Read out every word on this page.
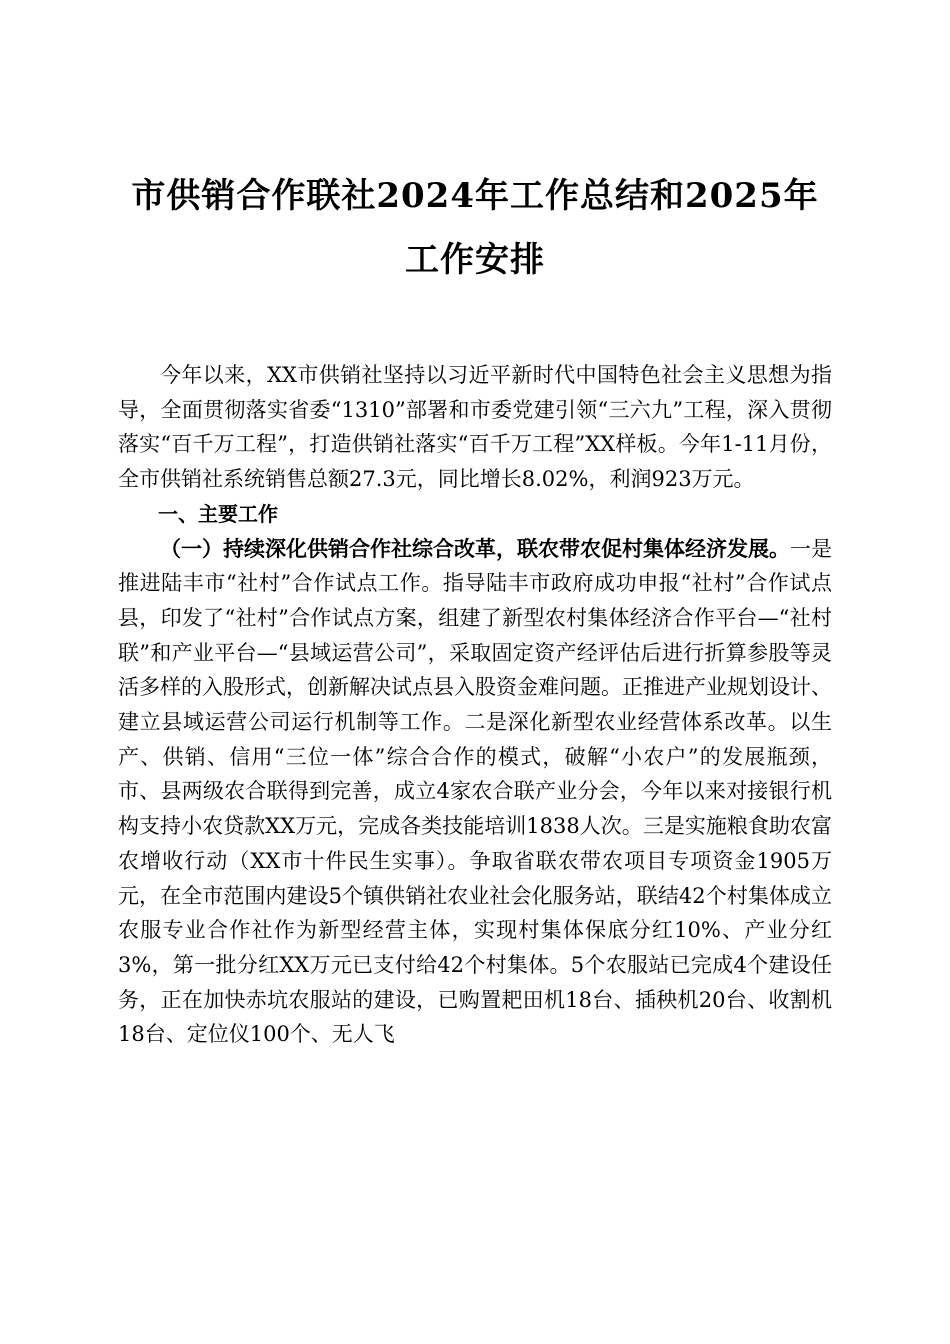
市供销合作联社2024年工作总结和2025年工作安排

今年以来，XX市供销社坚持以习近平新时代中国特色社会主义思想为指导，全面贯彻落实省委“1310”部署和市委党建引领“三六九”工程，深入贯彻落实“百千万工程”，打造供销社落实“百千万工程”XX样板。今年1-11月份，全市供销社系统销售总额27.3元，同比增长8.02%，利润923万元。

一、主要工作

（一）持续深化供销合作社综合改革，联农带农促村集体经济发展。一是推进陆丰市“社村”合作试点工作。指导陆丰市政府成功申报“社村”合作试点县，印发了“社村”合作试点方案，组建了新型农村集体经济合作平台—“社村联”和产业平台—“县域运营公司”，采取固定资产经评估后进行折算参股等灵活多样的入股形式，创新解决试点县入股资金难问题。正推进产业规划设计、建立县域运营公司运行机制等工作。二是深化新型农业经营体系改革。以生产、供销、信用“三位一体”综合合作的模式，破解“小农户”的发展瓶颈，市、县两级农合联得到完善，成立4家农合联产业分会，今年以来对接银行机构支持小农贷款XX万元，完成各类技能培训1838人次。三是实施粮食助农富农增收行动（XX市十件民生实事）。争取省联农带农项目专项资金1905万元，在全市范围内建设5个镇供销社农业社会化服务站，联结42个村集体成立农服专业合作社作为新型经营主体，实现村集体保底分红10%、产业分红3%，第一批分红XX万元已支付给42个村集体。5个农服站已完成4个建设任务，正在加快赤坑农服站的建设，已购置耙田机18台、插秧机20台、收割机18台、定位仪100个、无人飞
